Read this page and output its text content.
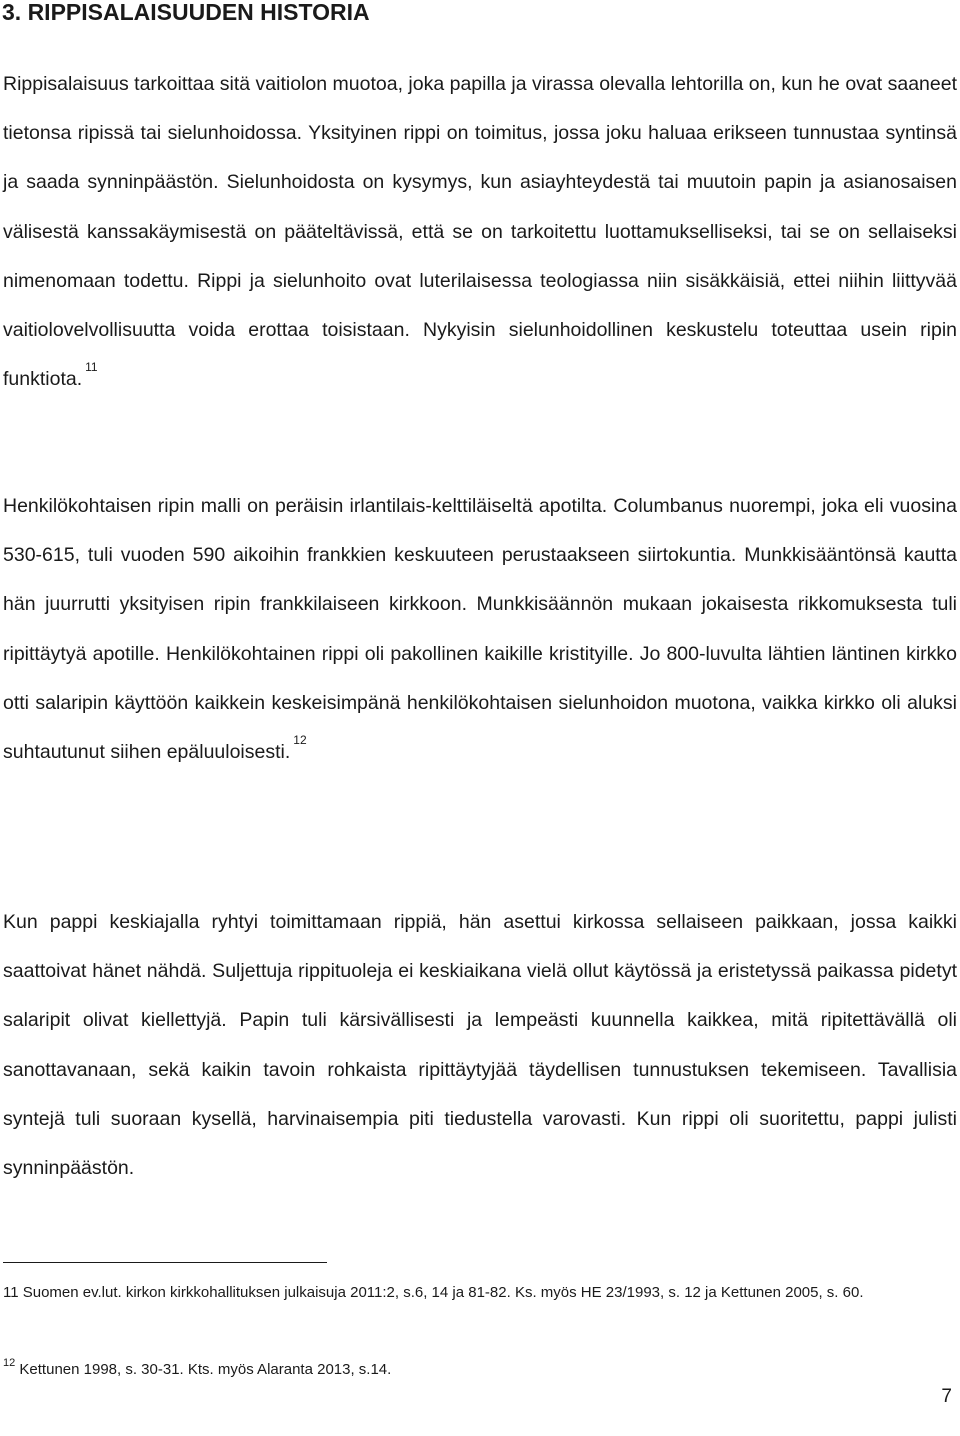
3. RIPPISALAISUUDEN HISTORIA

Rippisalaisuus tarkoittaa sitä vaitiolon muotoa, joka papilla ja virassa olevalla lehtorilla on, kun he ovat saaneet tietonsa ripissä tai sielunhoidossa. Yksityinen rippi on toimitus, jossa joku haluaa erikseen tunnustaa syntinsä ja saada synninpäästön. Sielunhoidosta on kysymys, kun asiayhteydestä tai muutoin papin ja asianosaisen välisestä kanssakäymisestä on pääteltävissä, että se on tarkoitettu luottamukselliseksi, tai se on sellaiseksi nimenomaan todettu. Rippi ja sielunhoito ovat luterilaisessa teologiassa niin sisäkkäisiä, ettei niihin liittyvää vaitiolovelvollisuutta voida erottaa toisistaan. Nykyisin sielunhoidollinen keskustelu toteuttaa usein ripin funktiota.$^{11}$

Henkilökohtaisen ripin malli on peräisin irlantilais-kelttiläiseltä apotilta. Columbanus nuorempi, joka eli vuosina 530-615, tuli vuoden 590 aikoihin frankkien keskuuteen perustaakseen siirtokuntia. Munkkisääntönsä kautta hän juurrutti yksityisen ripin frankkilaiseen kirkkoon. Munkkisäännön mukaan jokaisesta rikkomuksesta tuli ripittäytyä apotille. Henkilökohtainen rippi oli pakollinen kaikille kristityille. Jo 800-luvulta lähtien läntinen kirkko otti salaripin käyttöön kaikkein keskeisimpänä henkilökohtaisen sielunhoidon muotona, vaikka kirkko oli aluksi suhtautunut siihen epäluuloisesti.$^{12}$

Kun pappi keskiajalla ryhtyi toimittamaan rippiä, hän asettui kirkossa sellaiseen paikkaan, jossa kaikki saattoivat hänet nähdä. Suljettuja rippituoleja ei keskiaikana vielä ollut käytössä ja eristetyssä paikassa pidetyt salaripit olivat kiellettyjä. Papin tuli kärsivällisesti ja lempeästi kuunnella kaikkea, mitä ripitettävällä oli sanottavanaan, sekä kaikin tavoin rohkaista ripittäytyjää täydellisen tunnustuksen tekemiseen. Tavallisia syntejä tuli suoraan kysellä, harvinaisempia piti tiedustella varovasti. Kun rippi oli suoritettu, pappi julisti synninpäästön.

11 Suomen ev.lut. kirkon kirkkohallituksen julkaisuja 2011:2, s.6, 14 ja 81-82. Ks. myös HE 23/1993, s. 12 ja Kettunen 2005, s. 60.

$^{12}$ Kettunen 1998, s. 30-31. Kts. myös Alaranta 2013, s.14.

7
